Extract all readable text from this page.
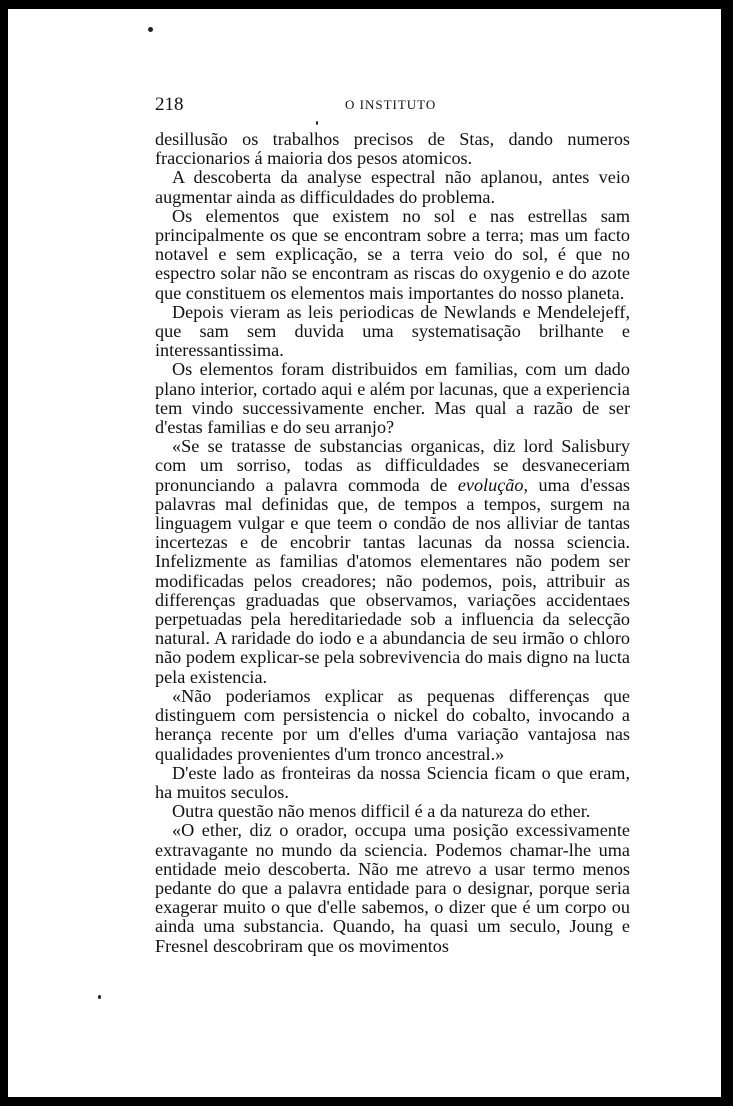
218	O INSTITUTO

desillusão os trabalhos precisos de Stas, dando numeros fraccionarios á maioria dos pesos atomicos.

A descoberta da analyse espectral não aplanou, antes veio augmentar ainda as difficuldades do problema.

Os elementos que existem no sol e nas estrellas sam principalmente os que se encontram sobre a terra; mas um facto notavel e sem explicação, se a terra veio do sol, é que no espectro solar não se encontram as riscas do oxygenio e do azote que constituem os elementos mais importantes do nosso planeta.

Depois vieram as leis periodicas de Newlands e Mendelejeff, que sam sem duvida uma systematisação brilhante e interessantissima.

Os elementos foram distribuidos em familias, com um dado plano interior, cortado aqui e além por lacunas, que a experiencia tem vindo successivamente encher. Mas qual a razão de ser d'estas familias e do seu arranjo?

«Se se tratasse de substancias organicas, diz lord Salisbury com um sorriso, todas as difficuldades se desvaneceriam pronunciando a palavra commoda de evolução, uma d'essas palavras mal definidas que, de tempos a tempos, surgem na linguagem vulgar e que teem o condão de nos alliviar de tantas incertezas e de encobrir tantas lacunas da nossa sciencia. Infelizmente as familias d'atomos elementares não podem ser modificadas pelos creadores; não podemos, pois, attribuir as differenças graduadas que observamos, variações accidentaes perpetuadas pela hereditariedade sob a influencia da selecção natural. A raridade do iodo e a abundancia de seu irmão o chloro não podem explicar-se pela sobrevivencia do mais digno na lucta pela existencia.

«Não poderiamos explicar as pequenas differenças que distinguem com persistencia o nickel do cobalto, invocando a herança recente por um d'elles d'uma variação vantajosa nas qualidades provenientes d'um tronco ancestral.»

D'este lado as fronteiras da nossa Sciencia ficam o que eram, ha muitos seculos.

Outra questão não menos difficil é a da natureza do ether.

«O ether, diz o orador, occupa uma posição excessivamente extravagante no mundo da sciencia. Podemos chamar-lhe uma entidade meio descoberta. Não me atrevo a usar termo menos pedante do que a palavra entidade para o designar, porque seria exagerar muito o que d'elle sabemos, o dizer que é um corpo ou ainda uma substancia. Quando, ha quasi um seculo, Joung e Fresnel descobriram que os movimentos
